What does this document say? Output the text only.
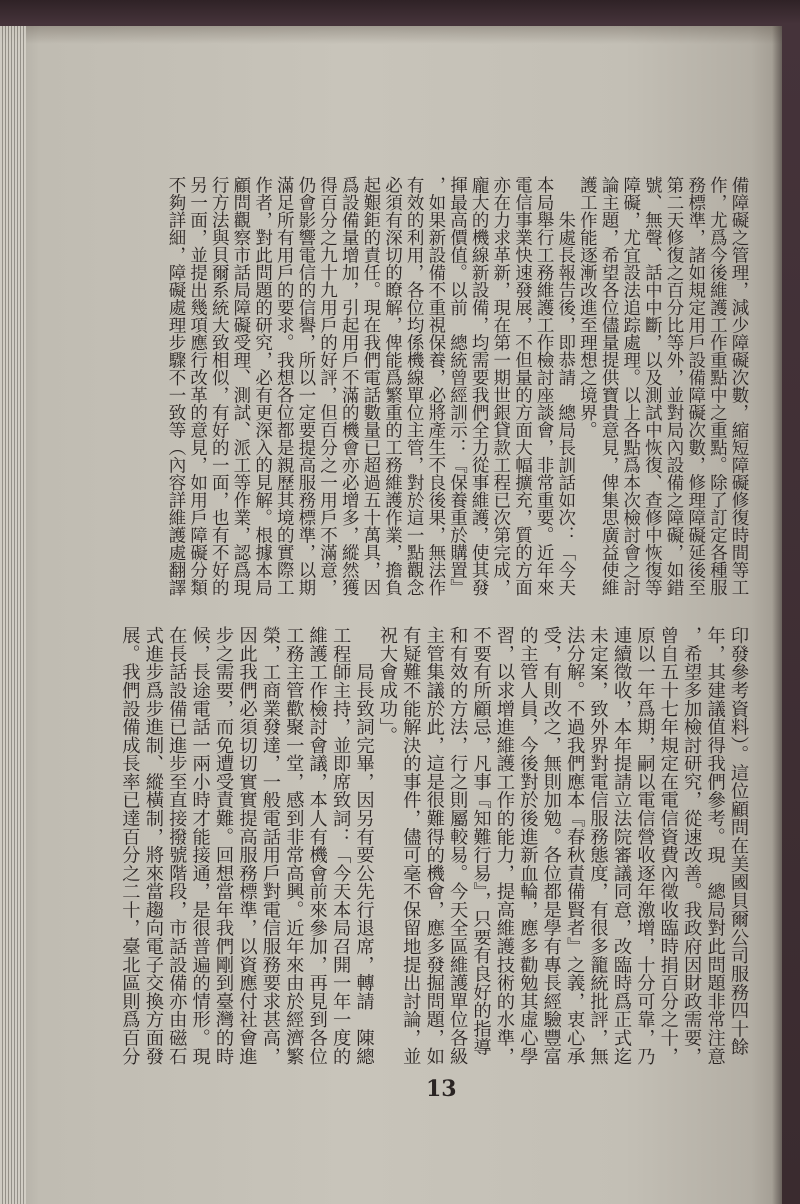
備障礙之管理，減少障礙次數，縮短障礙修復時間等工
作，尤爲今後維護工作重點中之重點。除了訂定各種服
務標準，諸如規定用戶設備障礙次數，修理障礙延後至
第二天修復之百分比等外，並對局內設備之障礙，如錯
號、無聲、話中中斷，以及測試中恢復、查修中恢復等
障礙，尤宜設法追踪處理。以上各點爲本次檢討會之討
論主題，希望各位儘量提供寶貴意見，俾集思廣益使維
護工作能逐漸改進至理想之境界。
　　朱處長報告後，即恭請　總局長訓話如次：「今天
本局舉行工務維護工作檢討座談會，非常重要。近年來
電信事業快速發展，不但量的方面大幅擴充，質的方面
亦在力求革新，現在第一期世銀貸款工程已次第完成，
龐大的機線新設備，均需要我們全力從事維護，使其發
揮最高價值。以前　總統曾經訓示：『保養重於購置』
，如果新設備不重視保養，必將產生不良後果，無法作
有效的利用，各位均係機線單位主管，對於這一點觀念
必須有深切的瞭解，俾能爲繁重的工務維護作業，擔負
起艱鉅的責任。現在我們電話數量已超過五十萬具，因
爲設備量增加，引起用戶不滿的機會亦必增多，縱然獲
得百分之九十九用戶的好評，但百分之一用戶不滿意，
仍會影響電信的信譽，所以一定要提高服務標準，以期
滿足所有用戶的要求。我想各位都是親歷其境的實際工
作者，對此問題的研究，必有更深入的見解。根據本局
顧問觀察市話局障礙受理、測試、派工等作業，認爲現
行方法與貝爾系統大致相似，有好的一面，也有不好的
另一面，並提出幾項應行改革的意見，如用戶障礙分類
不夠詳細，障礙處理步驟不一致等（內容詳維護處翻譯
印發參考資料）。這位顧問在美國貝爾公司服務四十餘
年，其建議值得我們參考。現　總局對此問題非常注意
，希望多加檢討研究，從速改善。我政府因財政需要，
曾自五十七年規定在電信資費內徵收臨時捐百分之十，
原以一年爲期，嗣以電信營收逐年激增，十分可靠，乃
連續徵收，本年提請立法院審議同意，改臨時爲正式迄
未定案，致外界對電信服務態度，有很多籠統批評，無
法分解。不過我們應本『春秋責備賢者』之義，衷心承
受，有則改之，無則加勉。各位都是學有專長經驗豐富
的主管人員，今後對於後進新血輪，應多勸勉其虛心學
習，以求增進維護工作的能力，提高維護技術的水準，
不要有所顧忌，凡事『知難行易』，只要有良好的指導
和有效的方法，行之則屬較易。今天全區維護單位各級
主管集議於此，這是很難得的機會，應多發掘問題，如
有疑難不能解決的事件，儘可毫不保留地提出討論，並
祝大會成功」。
　　局長致詞完畢，因另有要公先行退席，轉請　陳總
工程師主持，並即席致詞：「今天本局召開一年一度的
維護工作檢討會議，本人有機會前來參加，再見到各位
工務主管歡聚一堂，感到非常高興。近年來由於經濟繁
榮，工商業發達，一般電話用戶對電信服務要求甚高，
因此我們必須切切實實提高服務標準，以資應付社會進
步之需要，而免遭受責難。回想當年我們剛到臺灣的時
候，長途電話一兩小時才能接通，是很普遍的情形。現
在長話設備已進步至直接撥號階段，市話設備亦由磁石
式進步爲步進制、縱橫制，將來當趨向電子交換方面發
展。我們設備成長率已達百分之二十，臺北區則爲百分
13
